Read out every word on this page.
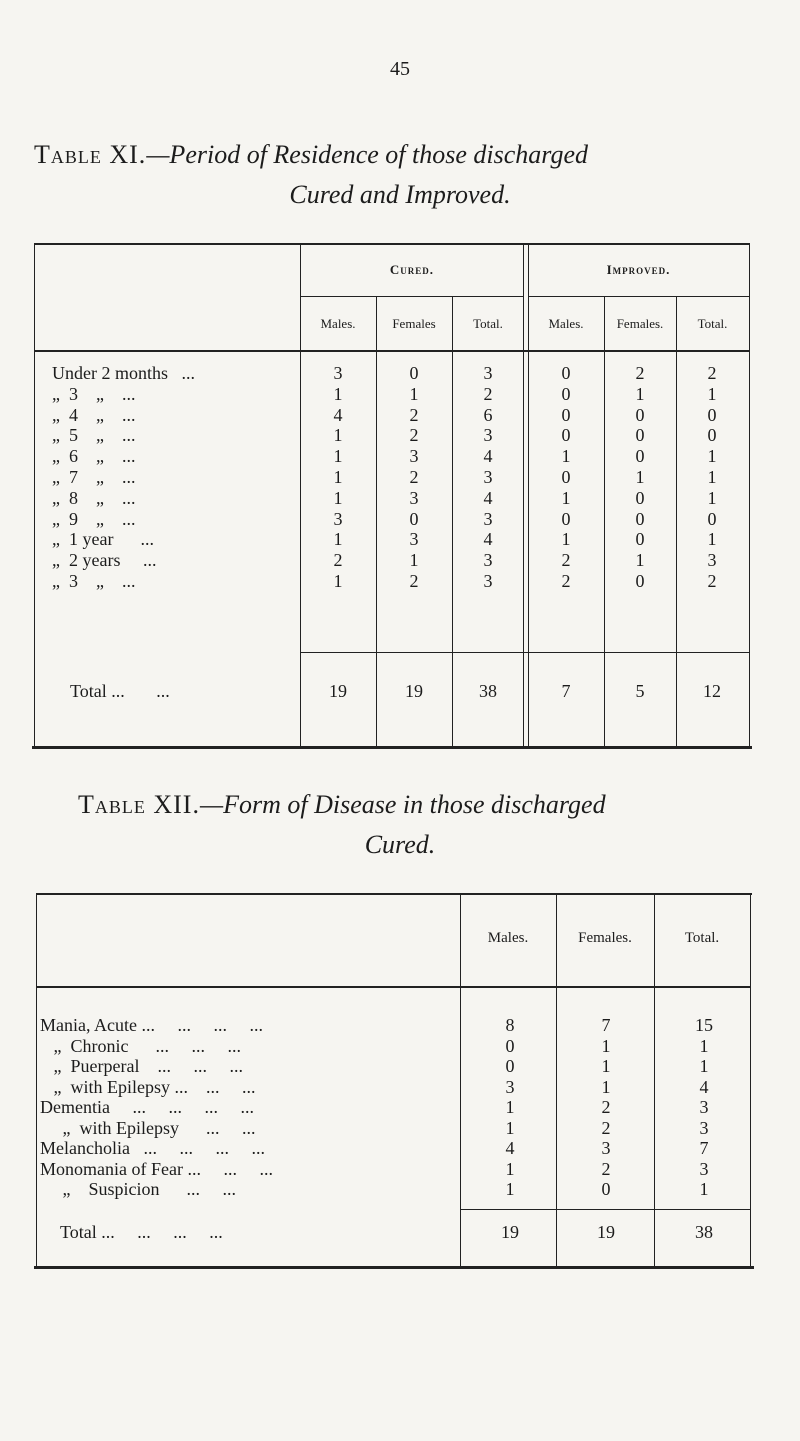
45
Table XI.—Period of Residence of those discharged
Cured and Improved.
Cured.	Improved.
Males.	Females	Total.	Males.	Females.	Total.
Under 2 months   ...	3	0	3	0	2	2
„  3    „    ...	1	1	2	0	1	1
„  4    „    ...	4	2	6	0	0	0
„  5    „    ...	1	2	3	0	0	0
„  6    „    ...	1	3	4	1	0	1
„  7    „    ...	1	2	3	0	1	1
„  8    „    ...	1	3	4	1	0	1
„  9    „    ...	3	0	3	0	0	0
„  1 year      ...	1	3	4	1	0	1
„  2 years     ...	2	1	3	2	1	3
„  3    „    ...	1	2	3	2	0	2
Total ...       ...	19	19	38	7	5	12
Table XII.—Form of Disease in those discharged
Cured.
Males.	Females.	Total.
Mania, Acute ...     ...     ...     ...	8	7	15
„  Chronic      ...     ...     ...	0	1	1
„  Puerperal    ...     ...     ...	0	1	1
„  with Epilepsy ...    ...     ...	3	1	4
Dementia     ...     ...     ...     ...	1	2	3
„  with Epilepsy      ...     ...	1	2	3
Melancholia   ...     ...     ...     ...	4	3	7
Monomania of Fear ...     ...     ...	1	2	3
„    Suspicion      ...     ...	1	0	1
Total ...     ...     ...     ...	19	19	38
